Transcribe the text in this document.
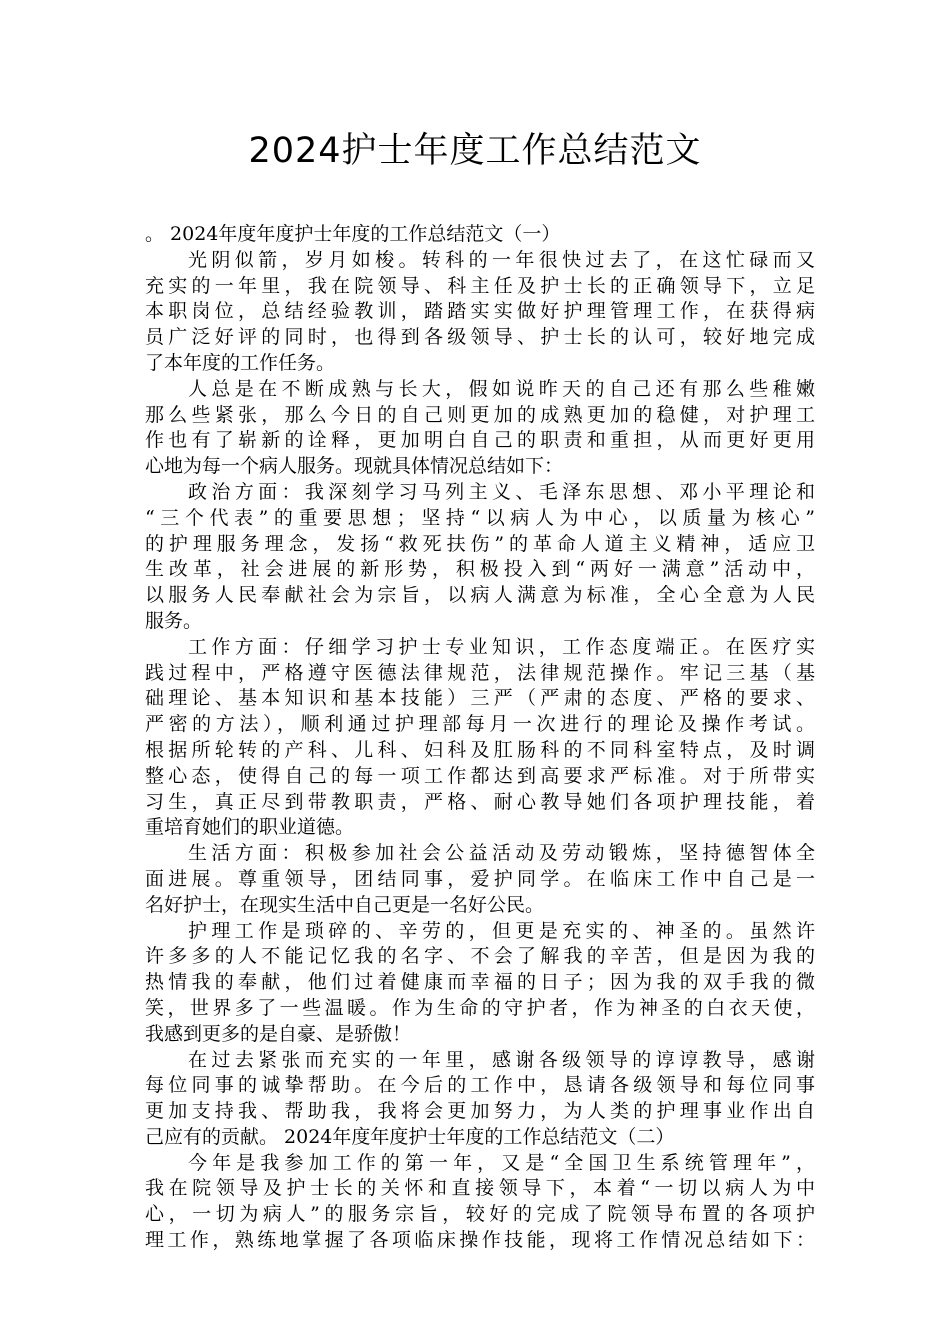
2024护士年度工作总结范文
。 2024年度年度护士年度的工作总结范文（一）
光阴似箭，岁月如梭。转科的一年很快过去了，在这忙碌而又
充实的一年里，我在院领导、科主任及护士长的正确领导下，立足
本职岗位，总结经验教训，踏踏实实做好护理管理工作，在获得病
员广泛好评的同时，也得到各级领导、护士长的认可，较好地完成
了本年度的工作任务。
人总是在不断成熟与长大，假如说昨天的自己还有那么些稚嫩
那么些紧张，那么今日的自己则更加的成熟更加的稳健，对护理工
作也有了崭新的诠释，更加明白自己的职责和重担，从而更好更用
心地为每一个病人服务。现就具体情况总结如下：
政治方面：我深刻学习马列主义、毛泽东思想、邓小平理论和
“三个代表”的重要思想；坚持“以病人为中心，以质量为核心”
的护理服务理念，发扬“救死扶伤”的革命人道主义精神，适应卫
生改革，社会进展的新形势，积极投入到“两好一满意”活动中，
以服务人民奉献社会为宗旨，以病人满意为标准，全心全意为人民
服务。
工作方面：仔细学习护士专业知识，工作态度端正。在医疗实
践过程中，严格遵守医德法律规范，法律规范操作。牢记三基（基
础理论、基本知识和基本技能）三严（严肃的态度、严格的要求、
严密的方法），顺利通过护理部每月一次进行的理论及操作考试。
根据所轮转的产科、儿科、妇科及肛肠科的不同科室特点，及时调
整心态，使得自己的每一项工作都达到高要求严标准。对于所带实
习生，真正尽到带教职责，严格、耐心教导她们各项护理技能，着
重培育她们的职业道德。
生活方面：积极参加社会公益活动及劳动锻炼，坚持德智体全
面进展。尊重领导，团结同事，爱护同学。在临床工作中自己是一
名好护士，在现实生活中自己更是一名好公民。
护理工作是琐碎的、辛劳的，但更是充实的、神圣的。虽然许
许多多的人不能记忆我的名字、不会了解我的辛苦，但是因为我的
热情我的奉献，他们过着健康而幸福的日子；因为我的双手我的微
笑，世界多了一些温暖。作为生命的守护者，作为神圣的白衣天使，
我感到更多的是自豪、是骄傲！
在过去紧张而充实的一年里，感谢各级领导的谆谆教导，感谢
每位同事的诚挚帮助。在今后的工作中，恳请各级领导和每位同事
更加支持我、帮助我，我将会更加努力，为人类的护理事业作出自
己应有的贡献。 2024年度年度护士年度的工作总结范文（二）
今年是我参加工作的第一年，又是“全国卫生系统管理年”，
我在院领导及护士长的关怀和直接领导下，本着“一切以病人为中
心，一切为病人”的服务宗旨，较好的完成了院领导布置的各项护
理工作，熟练地掌握了各项临床操作技能，现将工作情况总结如下：
